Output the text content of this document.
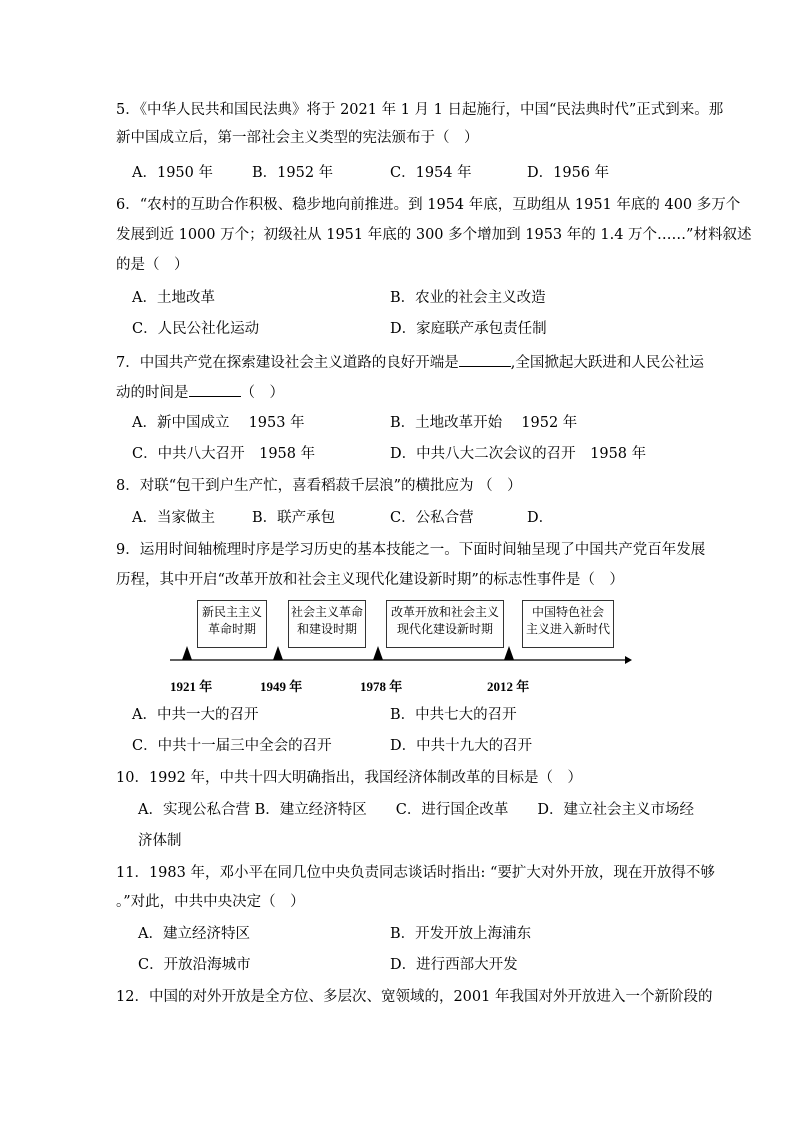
5．《中华人民共和国民法典》将于 2021 年 1 月 1 日起施行，中国“民法典时代”正式到来。那
新中国成立后，第一部社会主义类型的宪法颁布于（　）
A．1950 年	B．1952 年	C．1954 年	D．1956 年
6．“农村的互助合作积极、稳步地向前推进。到 1954 年底，互助组从 1951 年底的 400 多万个
发展到近 1000 万个；初级社从 1951 年底的 300 多个增加到 1953 年的 1.4 万个……”材料叙述
的是（　）
A．土地改革	B．农业的社会主义改造
C．人民公社化运动	D．家庭联产承包责任制
7．中国共产党在探索建设社会主义道路的良好开端是	,全国掀起大跃进和人民公社运
动的时间是	（　）
A．新中国成立　 1953 年	B．土地改革开始　 1952 年
C．中共八大召开　1958 年	D．中共八大二次会议的召开　1958 年
8．对联“包干到户生产忙，喜看稻菽千层浪”的横批应为 （　）
A．当家做主	B．联产承包	C．公私合营	D．
9．运用时间轴梳理时序是学习历史的基本技能之一。下面时间轴呈现了中国共产党百年发展
历程，其中开启“改革开放和社会主义现代化建设新时期”的标志性事件是（　）
新民主主义
革命时期
社会主义革命
和建设时期
改革开放和社会主义
现代化建设新时期
中国特色社会
主义进入新时代
1921 年	1949 年	1978 年	2012 年
A．中共一大的召开	B．中共七大的召开
C．中共十一届三中全会的召开	D．中共十九大的召开
10．1992 年，中共十四大明确指出，我国经济体制改革的目标是（　）
A．实现公私合营 B．建立经济特区　　C．进行国企改革　　D．建立社会主义市场经
济体制
11．1983 年，邓小平在同几位中央负责同志谈话时指出: “要扩大对外开放，现在开放得不够
。”对此，中共中央决定（　）
A．建立经济特区	B．开发开放上海浦东
C．开放沿海城市	D．进行西部大开发
12．中国的对外开放是全方位、多层次、宽领域的，2001 年我国对外开放进入一个新阶段的
